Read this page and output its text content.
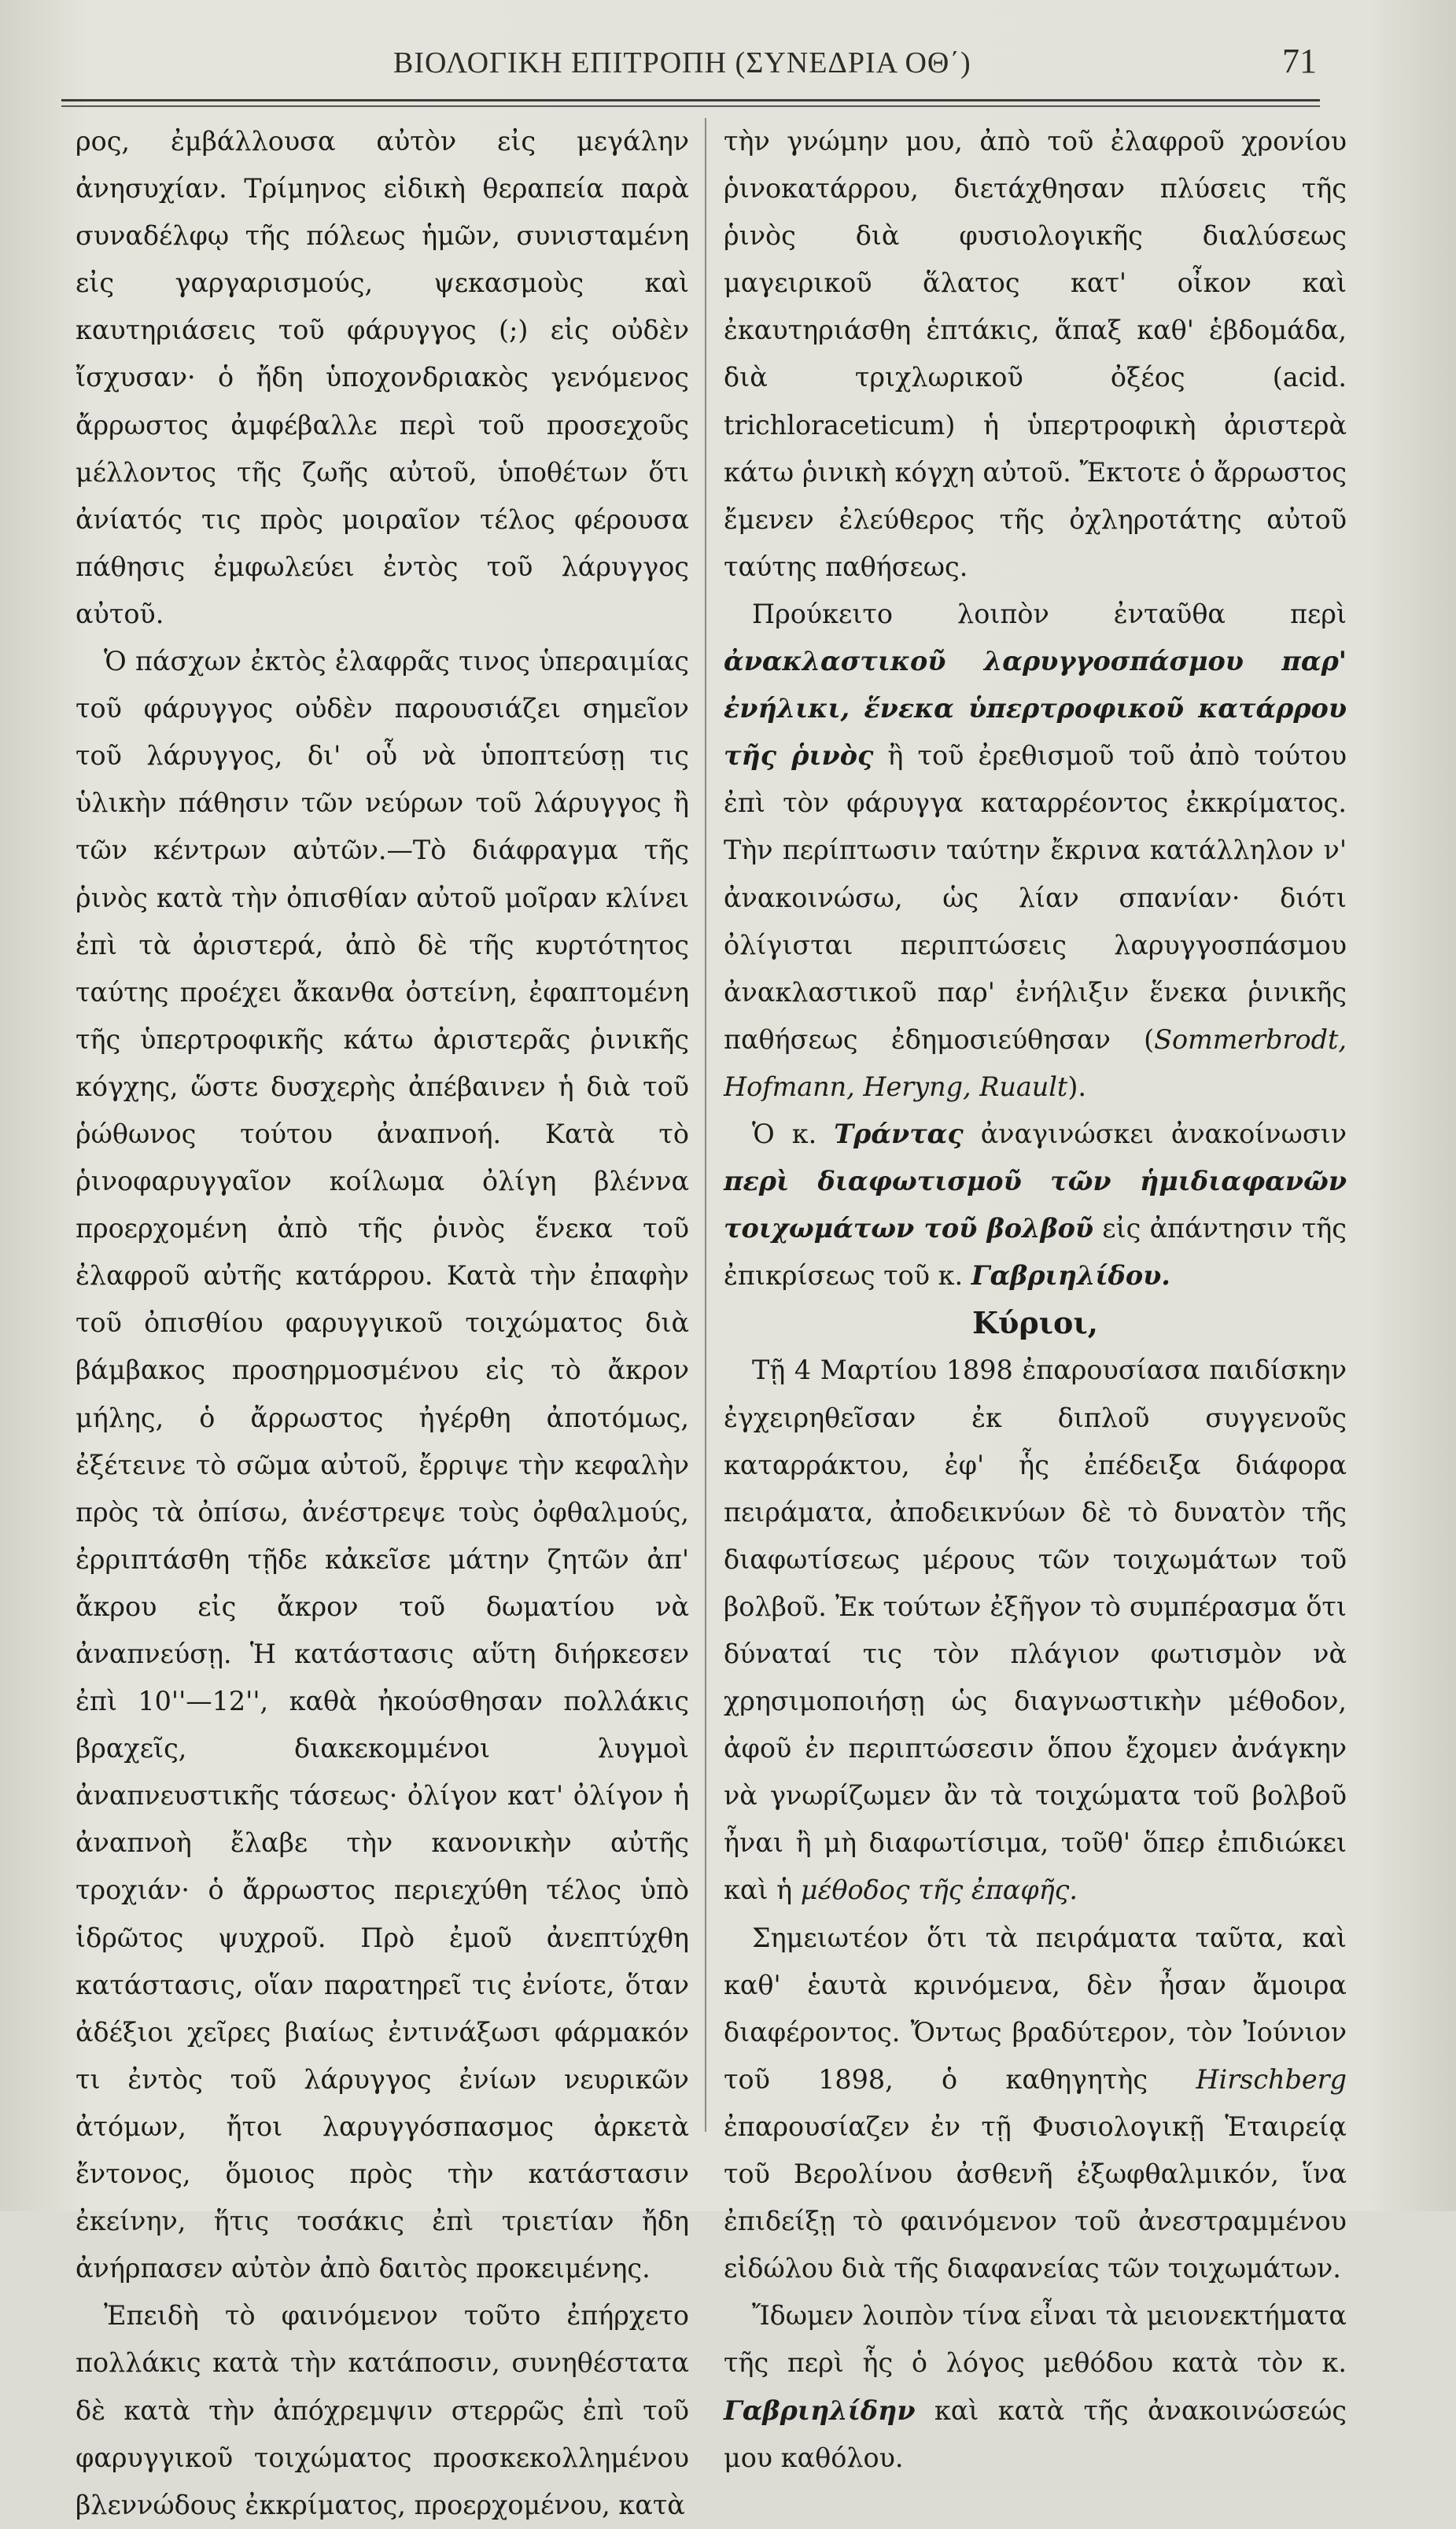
ΒΙΟΛΟΓΙΚΗ ΕΠΙΤΡΟΠΗ (ΣΥΝΕΔΡΙΑ ΟΘ΄)	71

ρος, ἐμβάλλουσα αὐτὸν εἰς μεγάλην ἀνησυχίαν. Τρίμηνος εἰδικὴ θεραπεία παρὰ συναδέλφῳ τῆς πόλεως ἡμῶν, συνισταμένη εἰς γαργαρισμούς, ψεκασμοὺς καὶ καυτηριάσεις τοῦ φάρυγγος (;) εἰς οὐδὲν ἴσχυσαν· ὁ ἤδη ὑποχονδριακὸς γενόμενος ἄρρωστος ἀμφέβαλλε περὶ τοῦ προσεχοῦς μέλλοντος τῆς ζωῆς αὐτοῦ, ὑποθέτων ὅτι ἀνίατός τις πρὸς μοιραῖον τέλος φέρουσα πάθησις ἐμφωλεύει ἐντὸς τοῦ λάρυγγος αὐτοῦ.

Ὁ πάσχων ἐκτὸς ἐλαφρᾶς τινος ὑπεραιμίας τοῦ φάρυγγος οὐδὲν παρουσιάζει σημεῖον τοῦ λάρυγγος, δι' οὗ νὰ ὑποπτεύσῃ τις ὑλικὴν πάθησιν τῶν νεύρων τοῦ λάρυγγος ἢ τῶν κέντρων αὐτῶν.—Τὸ διάφραγμα τῆς ῥινὸς κατὰ τὴν ὀπισθίαν αὐτοῦ μοῖραν κλίνει ἐπὶ τὰ ἀριστερά, ἀπὸ δὲ τῆς κυρτότητος ταύτης προέχει ἄκανθα ὀστείνη, ἐφαπτομένη τῆς ὑπερτροφικῆς κάτω ἀριστερᾶς ῥινικῆς κόγχης, ὥστε δυσχερὴς ἀπέβαινεν ἡ διὰ τοῦ ῥώθωνος τούτου ἀναπνοή. Κατὰ τὸ ῥινοφαρυγγαῖον κοίλωμα ὀλίγη βλέννα προερχομένη ἀπὸ τῆς ῥινὸς ἕνεκα τοῦ ἐλαφροῦ αὐτῆς κατάρρου. Κατὰ τὴν ἐπαφὴν τοῦ ὀπισθίου φαρυγγικοῦ τοιχώματος διὰ βάμβακος προσηρμοσμένου εἰς τὸ ἄκρον μήλης, ὁ ἄρρωστος ἠγέρθη ἀποτόμως, ἐξέτεινε τὸ σῶμα αὐτοῦ, ἔρριψε τὴν κεφαλὴν πρὸς τὰ ὀπίσω, ἀνέστρεψε τοὺς ὀφθαλμούς, ἐρριπτάσθη τῇδε κἀκεῖσε μάτην ζητῶν ἀπ' ἄκρου εἰς ἄκρον τοῦ δωματίου νὰ ἀναπνεύσῃ. Ἡ κατάστασις αὕτη διήρκεσεν ἐπὶ 10''—12'', καθὰ ἠκούσθησαν πολλάκις βραχεῖς, διακεκομμένοι λυγμοὶ ἀναπνευστικῆς τάσεως· ὀλίγον κατ' ὀλίγον ἡ ἀναπνοὴ ἔλαβε τὴν κανονικὴν αὐτῆς τροχιάν· ὁ ἄρρωστος περιεχύθη τέλος ὑπὸ ἱδρῶτος ψυχροῦ. Πρὸ ἐμοῦ ἀνεπτύχθη κατάστασις, οἵαν παρατηρεῖ τις ἐνίοτε, ὅταν ἀδέξιοι χεῖρες βιαίως ἐντινάξωσι φάρμακόν τι ἐντὸς τοῦ λάρυγγος ἐνίων νευρικῶν ἀτόμων, ἤτοι λαρυγγόσπασμος ἀρκετὰ ἔντονος, ὅμοιος πρὸς τὴν κατάστασιν ἐκείνην, ἥτις τοσάκις ἐπὶ τριετίαν ἤδη ἀνήρπασεν αὐτὸν ἀπὸ δαιτὸς προκειμένης.

Ἐπειδὴ τὸ φαινόμενον τοῦτο ἐπήρχετο πολλάκις κατὰ τὴν κατάποσιν, συνηθέστατα δὲ κατὰ τὴν ἀπόχρεμψιν στερρῶς ἐπὶ τοῦ φαρυγγικοῦ τοιχώματος προσκεκολλημένου βλεννώδους ἐκκρίματος, προερχομένου, κατὰ

τὴν γνώμην μου, ἀπὸ τοῦ ἐλαφροῦ χρονίου ῥινοκατάρρου, διετάχθησαν πλύσεις τῆς ῥινὸς διὰ φυσιολογικῆς διαλύσεως μαγειρικοῦ ἅλατος κατ' οἶκον καὶ ἐκαυτηριάσθη ἑπτάκις, ἅπαξ καθ' ἑβδομάδα, διὰ τριχλωρικοῦ ὀξέος (acid. trichloraceticum) ἡ ὑπερτροφικὴ ἀριστερὰ κάτω ῥινικὴ κόγχη αὐτοῦ. Ἔκτοτε ὁ ἄρρωστος ἔμενεν ἐλεύθερος τῆς ὀχληροτάτης αὐτοῦ ταύτης παθήσεως.

Προύκειτο λοιπὸν ἐνταῦθα περὶ ἀνακλαστικοῦ λαρυγγοσπάσμου παρ' ἐνήλικι, ἕνεκα ὑπερτροφικοῦ κατάρρου τῆς ῥινὸς ἢ τοῦ ἐρεθισμοῦ τοῦ ἀπὸ τούτου ἐπὶ τὸν φάρυγγα καταρρέοντος ἐκκρίματος. Τὴν περίπτωσιν ταύτην ἔκρινα κατάλληλον ν' ἀνακοινώσω, ὡς λίαν σπανίαν· διότι ὀλίγισται περιπτώσεις λαρυγγοσπάσμου ἀνακλαστικοῦ παρ' ἐνήλιξιν ἕνεκα ῥινικῆς παθήσεως ἐδημοσιεύθησαν (Sommerbrodt, Hofmann, Heryng, Ruault).

Ὁ κ. Τράντας ἀναγινώσκει ἀνακοίνωσιν περὶ διαφωτισμοῦ τῶν ἡμιδιαφανῶν τοιχωμάτων τοῦ βολβοῦ εἰς ἀπάντησιν τῆς ἐπικρίσεως τοῦ κ. Γαβριηλίδου.

Κύριοι,

Τῇ 4 Μαρτίου 1898 ἐπαρουσίασα παιδίσκην ἐγχειρηθεῖσαν ἐκ διπλοῦ συγγενοῦς καταρράκτου, ἐφ' ἧς ἐπέδειξα διάφορα πειράματα, ἀποδεικνύων δὲ τὸ δυνατὸν τῆς διαφωτίσεως μέρους τῶν τοιχωμάτων τοῦ βολβοῦ. Ἐκ τούτων ἐξῆγον τὸ συμπέρασμα ὅτι δύναταί τις τὸν πλάγιον φωτισμὸν νὰ χρησιμοποιήσῃ ὡς διαγνωστικὴν μέθοδον, ἀφοῦ ἐν περιπτώσεσιν ὅπου ἔχομεν ἀνάγκην νὰ γνωρίζωμεν ἂν τὰ τοιχώματα τοῦ βολβοῦ ἦναι ἢ μὴ διαφωτίσιμα, τοῦθ' ὅπερ ἐπιδιώκει καὶ ἡ μέθοδος τῆς ἐπαφῆς.

Σημειωτέον ὅτι τὰ πειράματα ταῦτα, καὶ καθ' ἑαυτὰ κρινόμενα, δὲν ἦσαν ἄμοιρα διαφέροντος. Ὄντως βραδύτερον, τὸν Ἰούνιον τοῦ 1898, ὁ καθηγητὴς Hirschberg ἐπαρουσίαζεν ἐν τῇ Φυσιολογικῇ Ἑταιρείᾳ τοῦ Βερολίνου ἀσθενῆ ἐξωφθαλμικόν, ἵνα ἐπιδείξῃ τὸ φαινόμενον τοῦ ἀνεστραμμένου εἰδώλου διὰ τῆς διαφανείας τῶν τοιχωμάτων.

Ἴδωμεν λοιπὸν τίνα εἶναι τὰ μειονεκτήματα τῆς περὶ ἧς ὁ λόγος μεθόδου κατὰ τὸν κ. Γαβριηλίδην καὶ κατὰ τῆς ἀνακοινώσεώς μου καθόλου.
